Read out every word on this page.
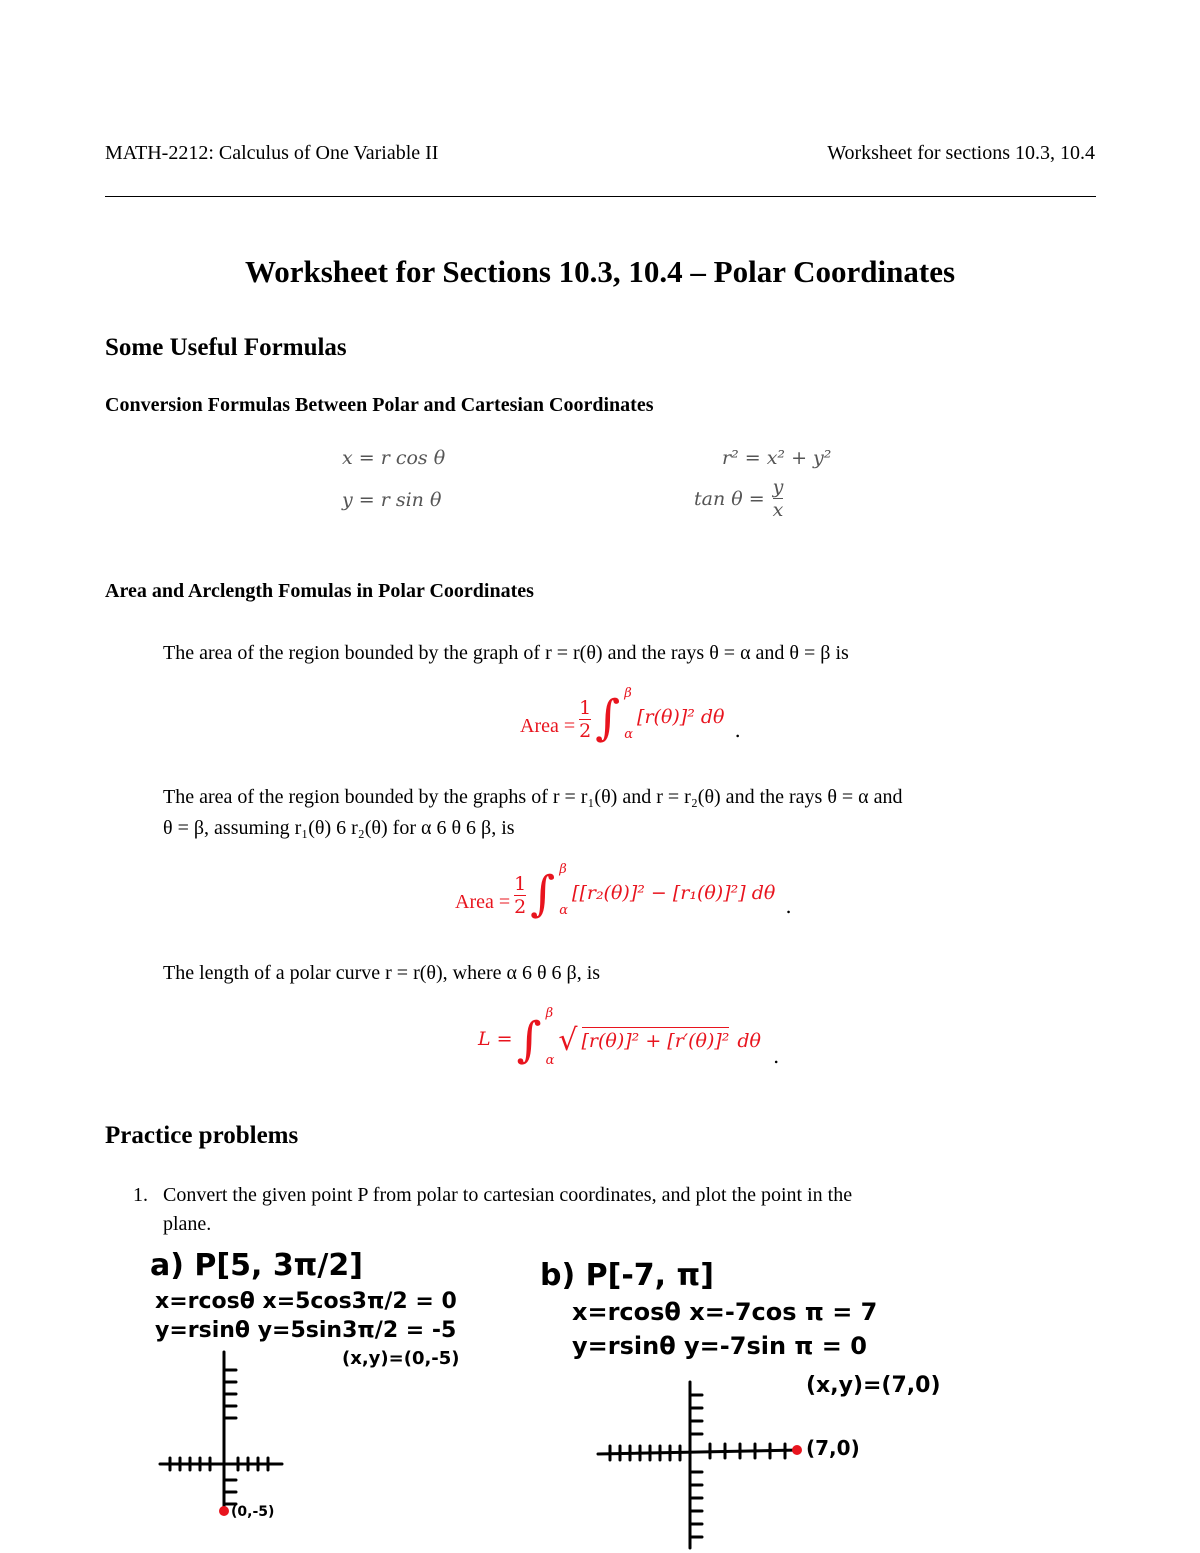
MATH-2212: Calculus of One Variable II	Worksheet for sections 10.3, 10.4
Worksheet for Sections 10.3, 10.4 – Polar Coordinates
Some Useful Formulas
Conversion Formulas Between Polar and Cartesian Coordinates
x = r cos θ
y = r sin θ
r² = x² + y²
$\tan \theta = \frac{y}{x}$
Area and Arclength Fomulas in Polar Coordinates
The area of the region bounded by the graph of r = r(θ) and the rays θ = α and θ = β is
Area = $\frac{1}{2}$ ∫ β
α
[r(θ)]² dθ
.
The area of the region bounded by the graphs of r = r₁(θ) and r = r₂(θ) and the rays θ = α and
θ = β, assuming r₁(θ) 6 r₂(θ) for α 6 θ 6 β, is
Area = $\frac{1}{2}$ ∫ β
α
[[r₂(θ)]² − [r₁(θ)]²] dθ
.
The length of a polar curve r = r(θ), where α 6 θ 6 β, is
L = ∫ β
α
√ [r(θ)]² + [r′(θ)]² dθ
.
Practice problems
1. Convert the given point P from polar to cartesian coordinates, and plot the point in the
plane.
a) P[5, 3π/2]
x=rcosθ x=5cos3π/2 = 0
y=rsinθ y=5sin3π/2 = -5
(x,y)=(0,-5)
(0,-5)
b) P[-7, π]
x=rcosθ x=-7cos π = 7
y=rsinθ y=-7sin π = 0
(x,y)=(7,0)
(7,0)
